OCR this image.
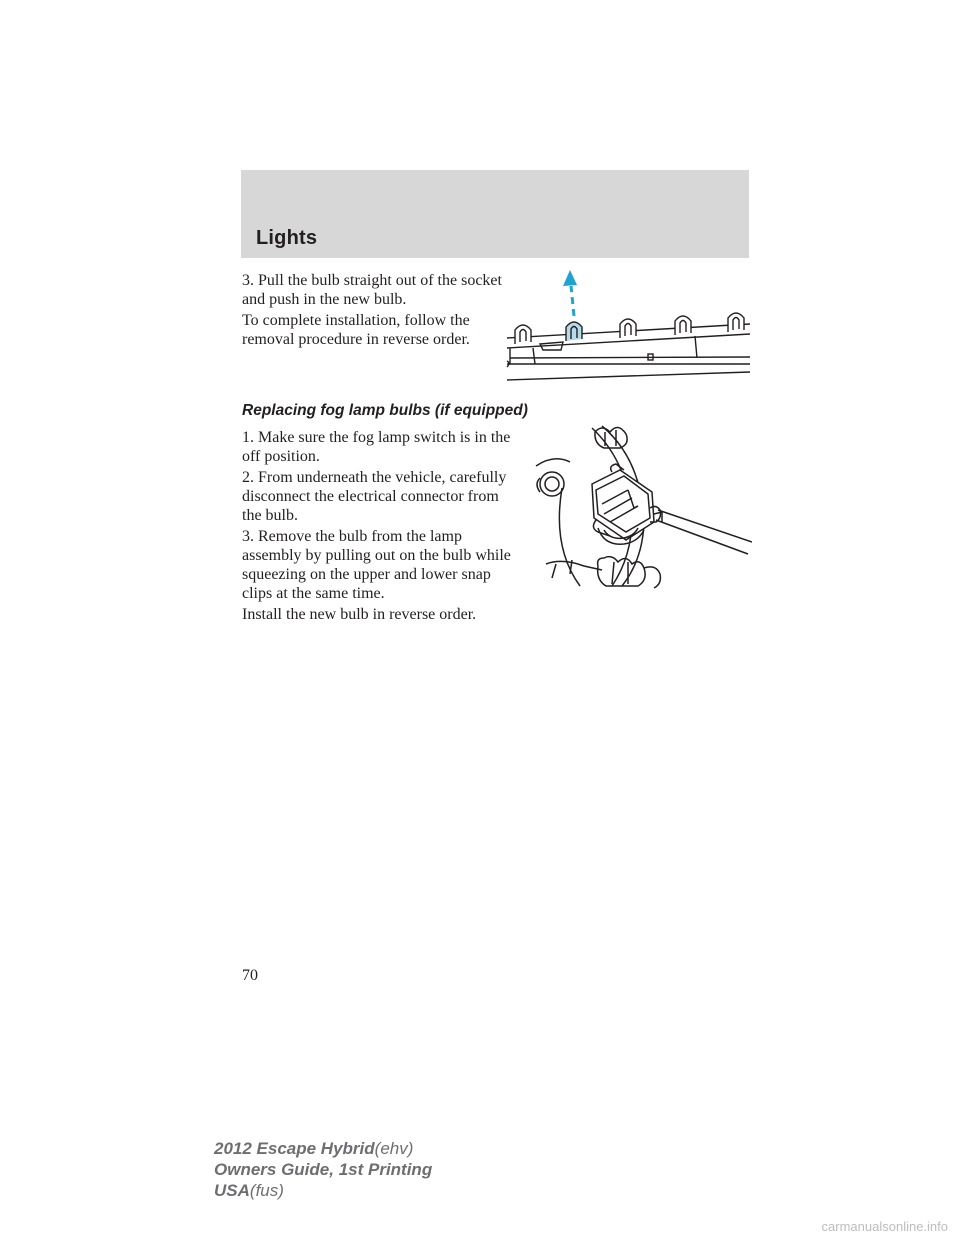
Lights

3. Pull the bulb straight out of the socket and push in the new bulb.

To complete installation, follow the removal procedure in reverse order.

Replacing fog lamp bulbs (if equipped)

1. Make sure the fog lamp switch is in the off position.

2. From underneath the vehicle, carefully disconnect the electrical connector from the bulb.

3. Remove the bulb from the lamp assembly by pulling out on the bulb while squeezing on the upper and lower snap clips at the same time.

Install the new bulb in reverse order.

70
2012 Escape Hybrid(ehv)
Owners Guide, 1st Printing
USA(fus)
carmanualsonline.info
